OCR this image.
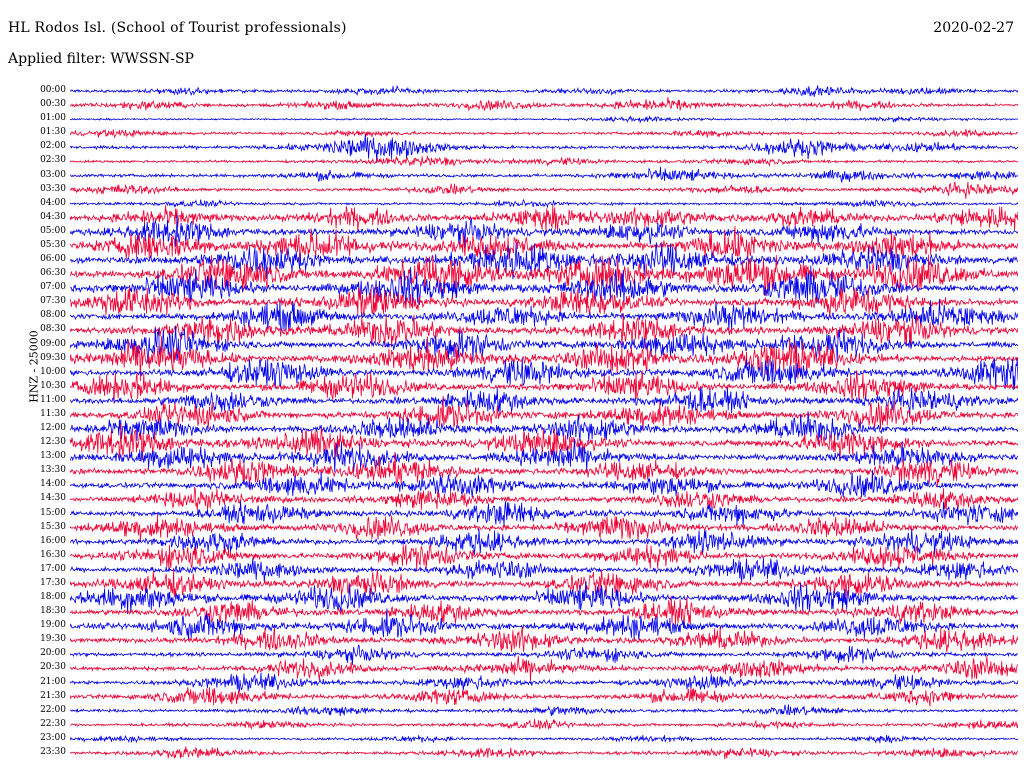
HL Rodos Isl. (School of Tourist professionals)	2020-02-27
Applied filter: WWSSN-SP
HNZ - 25000
00:00
00:30
01:00
01:30
02:00
02:30
03:00
03:30
04:00
04:30
05:00
05:30
06:00
06:30
07:00
07:30
08:00
08:30
09:00
09:30
10:00
10:30
11:00
11:30
12:00
12:30
13:00
13:30
14:00
14:30
15:00
15:30
16:00
16:30
17:00
17:30
18:00
18:30
19:00
19:30
20:00
20:30
21:00
21:30
22:00
22:30
23:00
23:30
